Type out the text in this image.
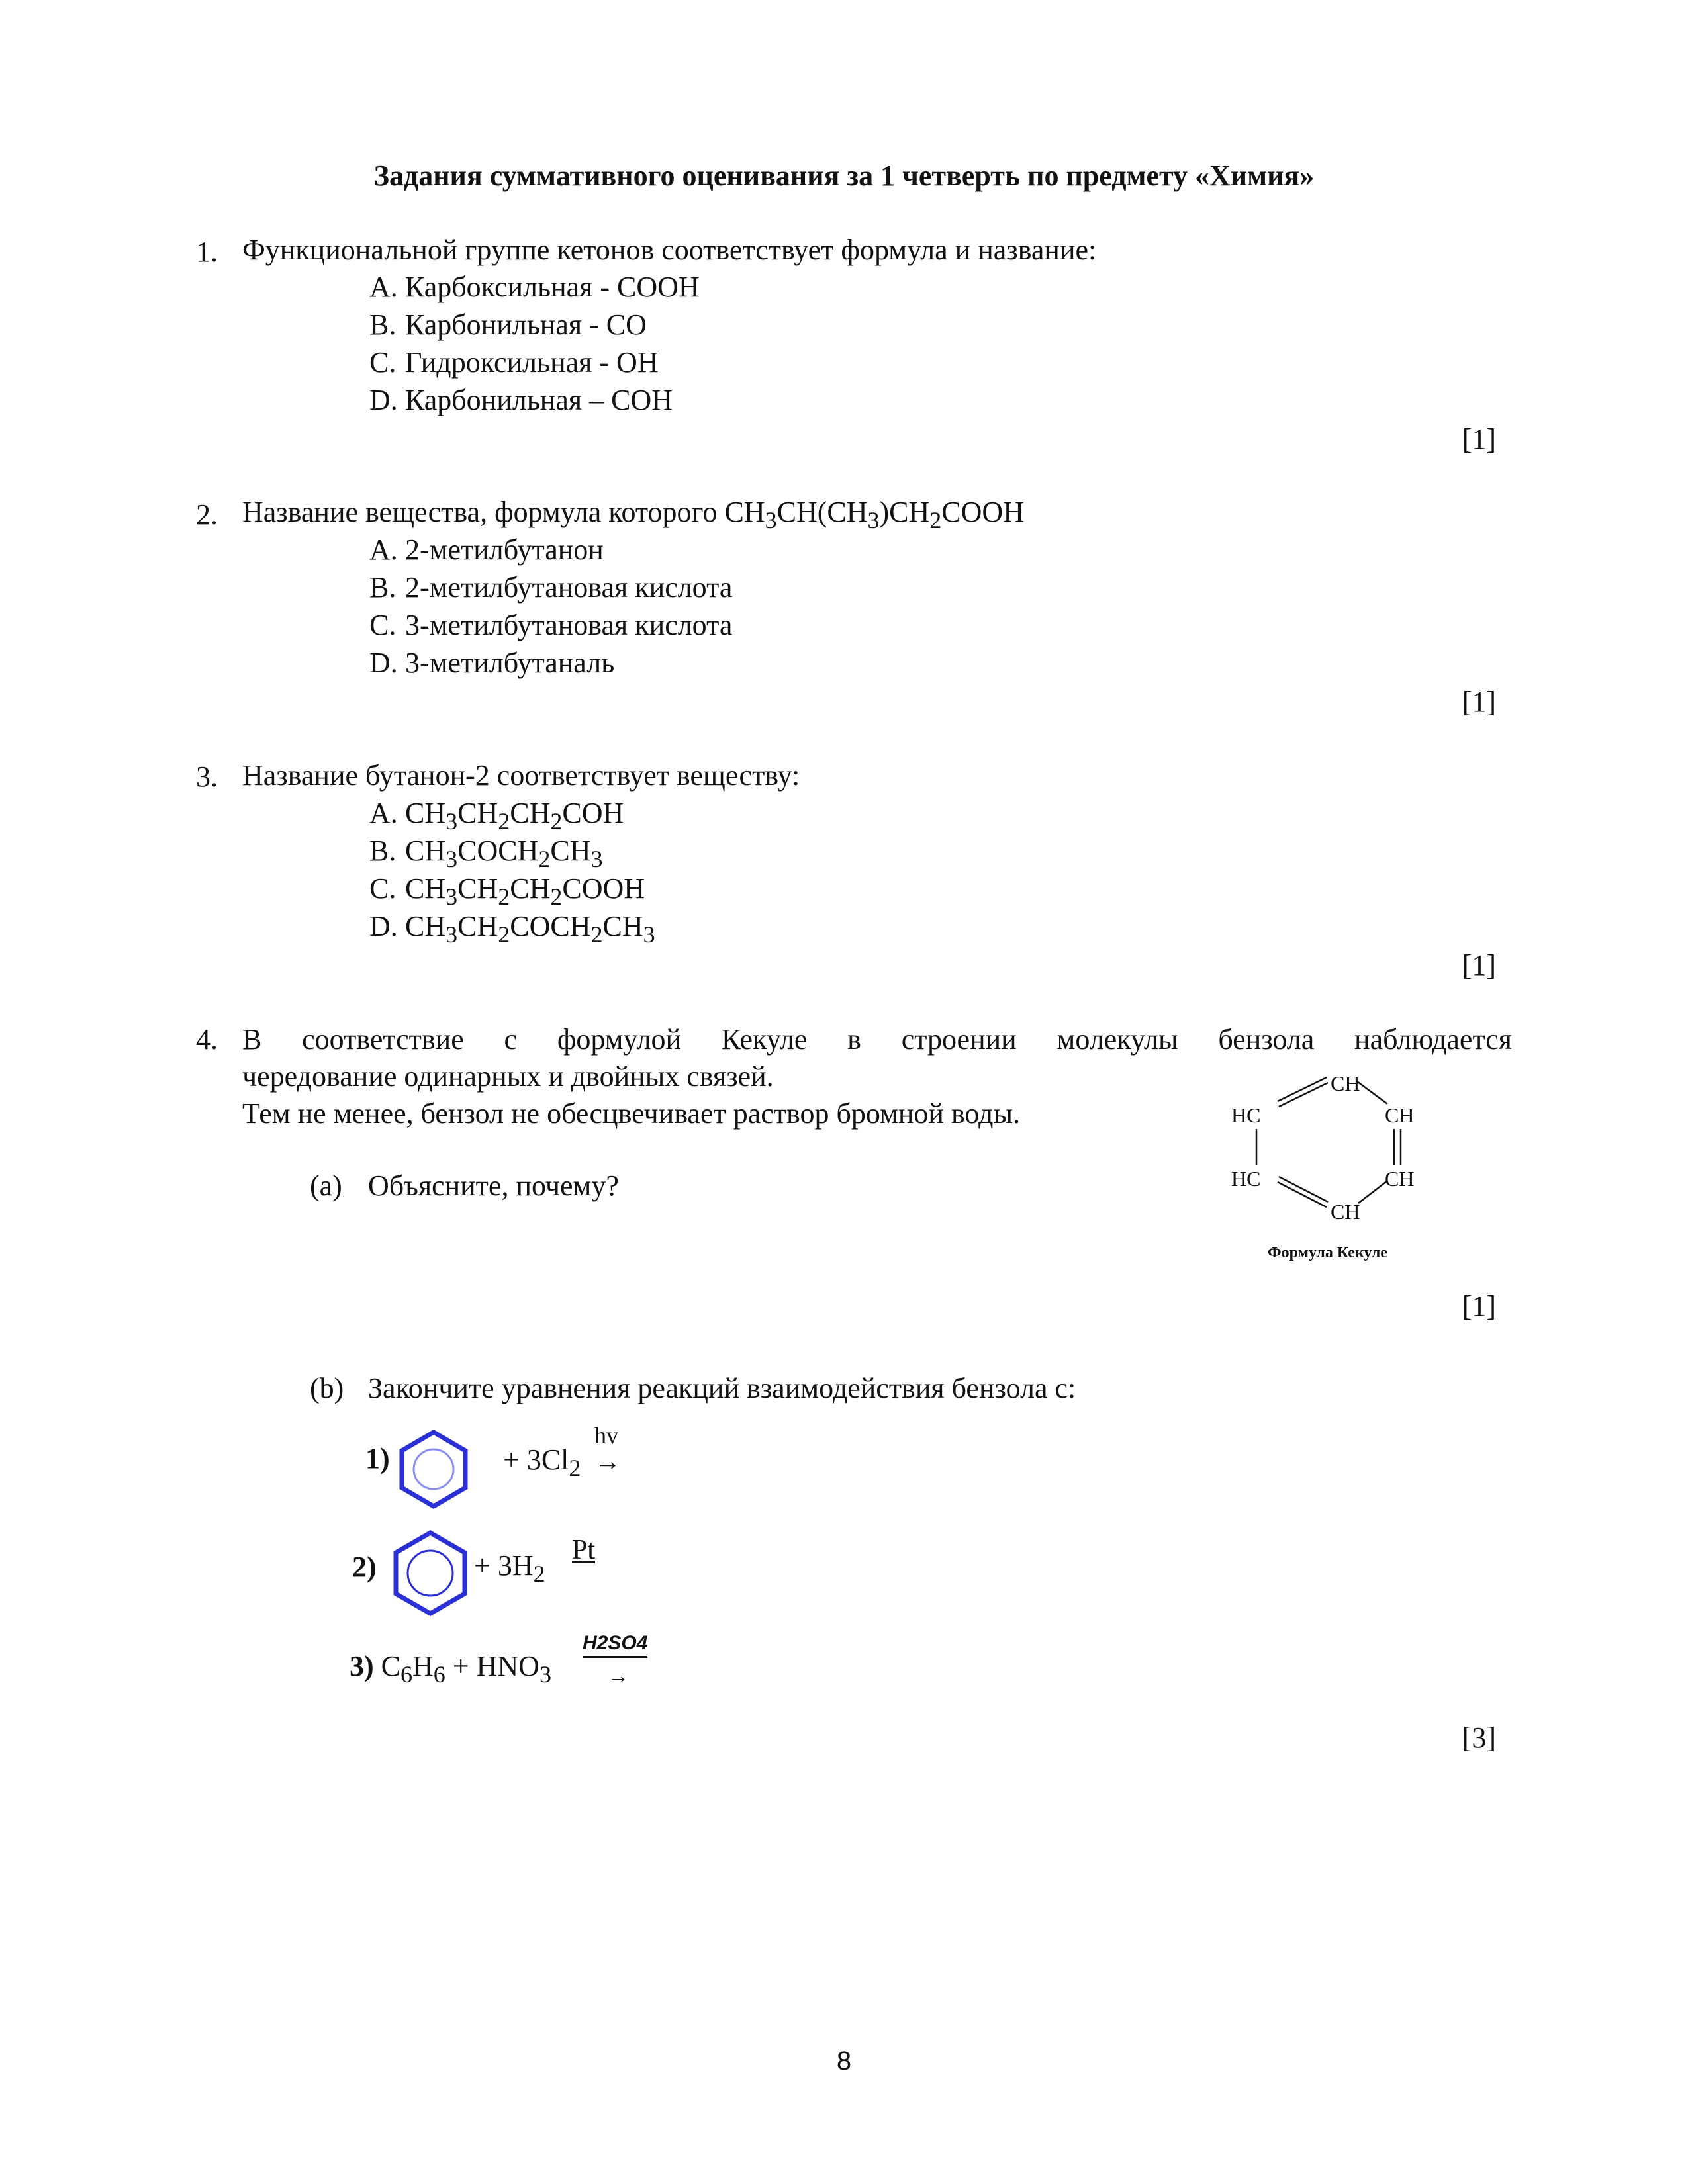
Задания суммативного оценивания за 1 четверть по предмету «Химия»
1. Функциональной группе кетонов соответствует формула и название:
A. Карбоксильная - СООН
B. Карбонильная - СО
C. Гидроксильная - ОН
D. Карбонильная – СОН
[1]
2. Название вещества, формула которого $CH_3CH(CH_3)CH_2COOH$
A. 2-метилбутанон
B. 2-метилбутановая кислота
C. 3-метилбутановая кислота
D. 3-метилбутаналь
[1]
3. Название бутанон-2 соответствует веществу:
A. $CH_3CH_2CH_2COH$
B. $CH_3COCH_2CH_3$
C. $CH_3CH_2CH_2COOH$
D. $CH_3CH_2COCH_2CH_3$
[1]
4. В соответствие с формулой Кекуле в строении молекулы бензола наблюдается
чередование одинарных и двойных связей.
Тем не менее, бензол не обесцвечивает раствор бромной воды.
(a) Объясните, почему?
CH
HC	CH
HC	CH
CH
Формула Кекуле
[1]
(b) Закончите уравнения реакций взаимодействия бензола с:
1)	+ $3Cl_2$
hv
→
2)	+ $3H_2$
Pt
3) $C_6H_6 + HNO_3$
H2SO4
→
[3]
8
